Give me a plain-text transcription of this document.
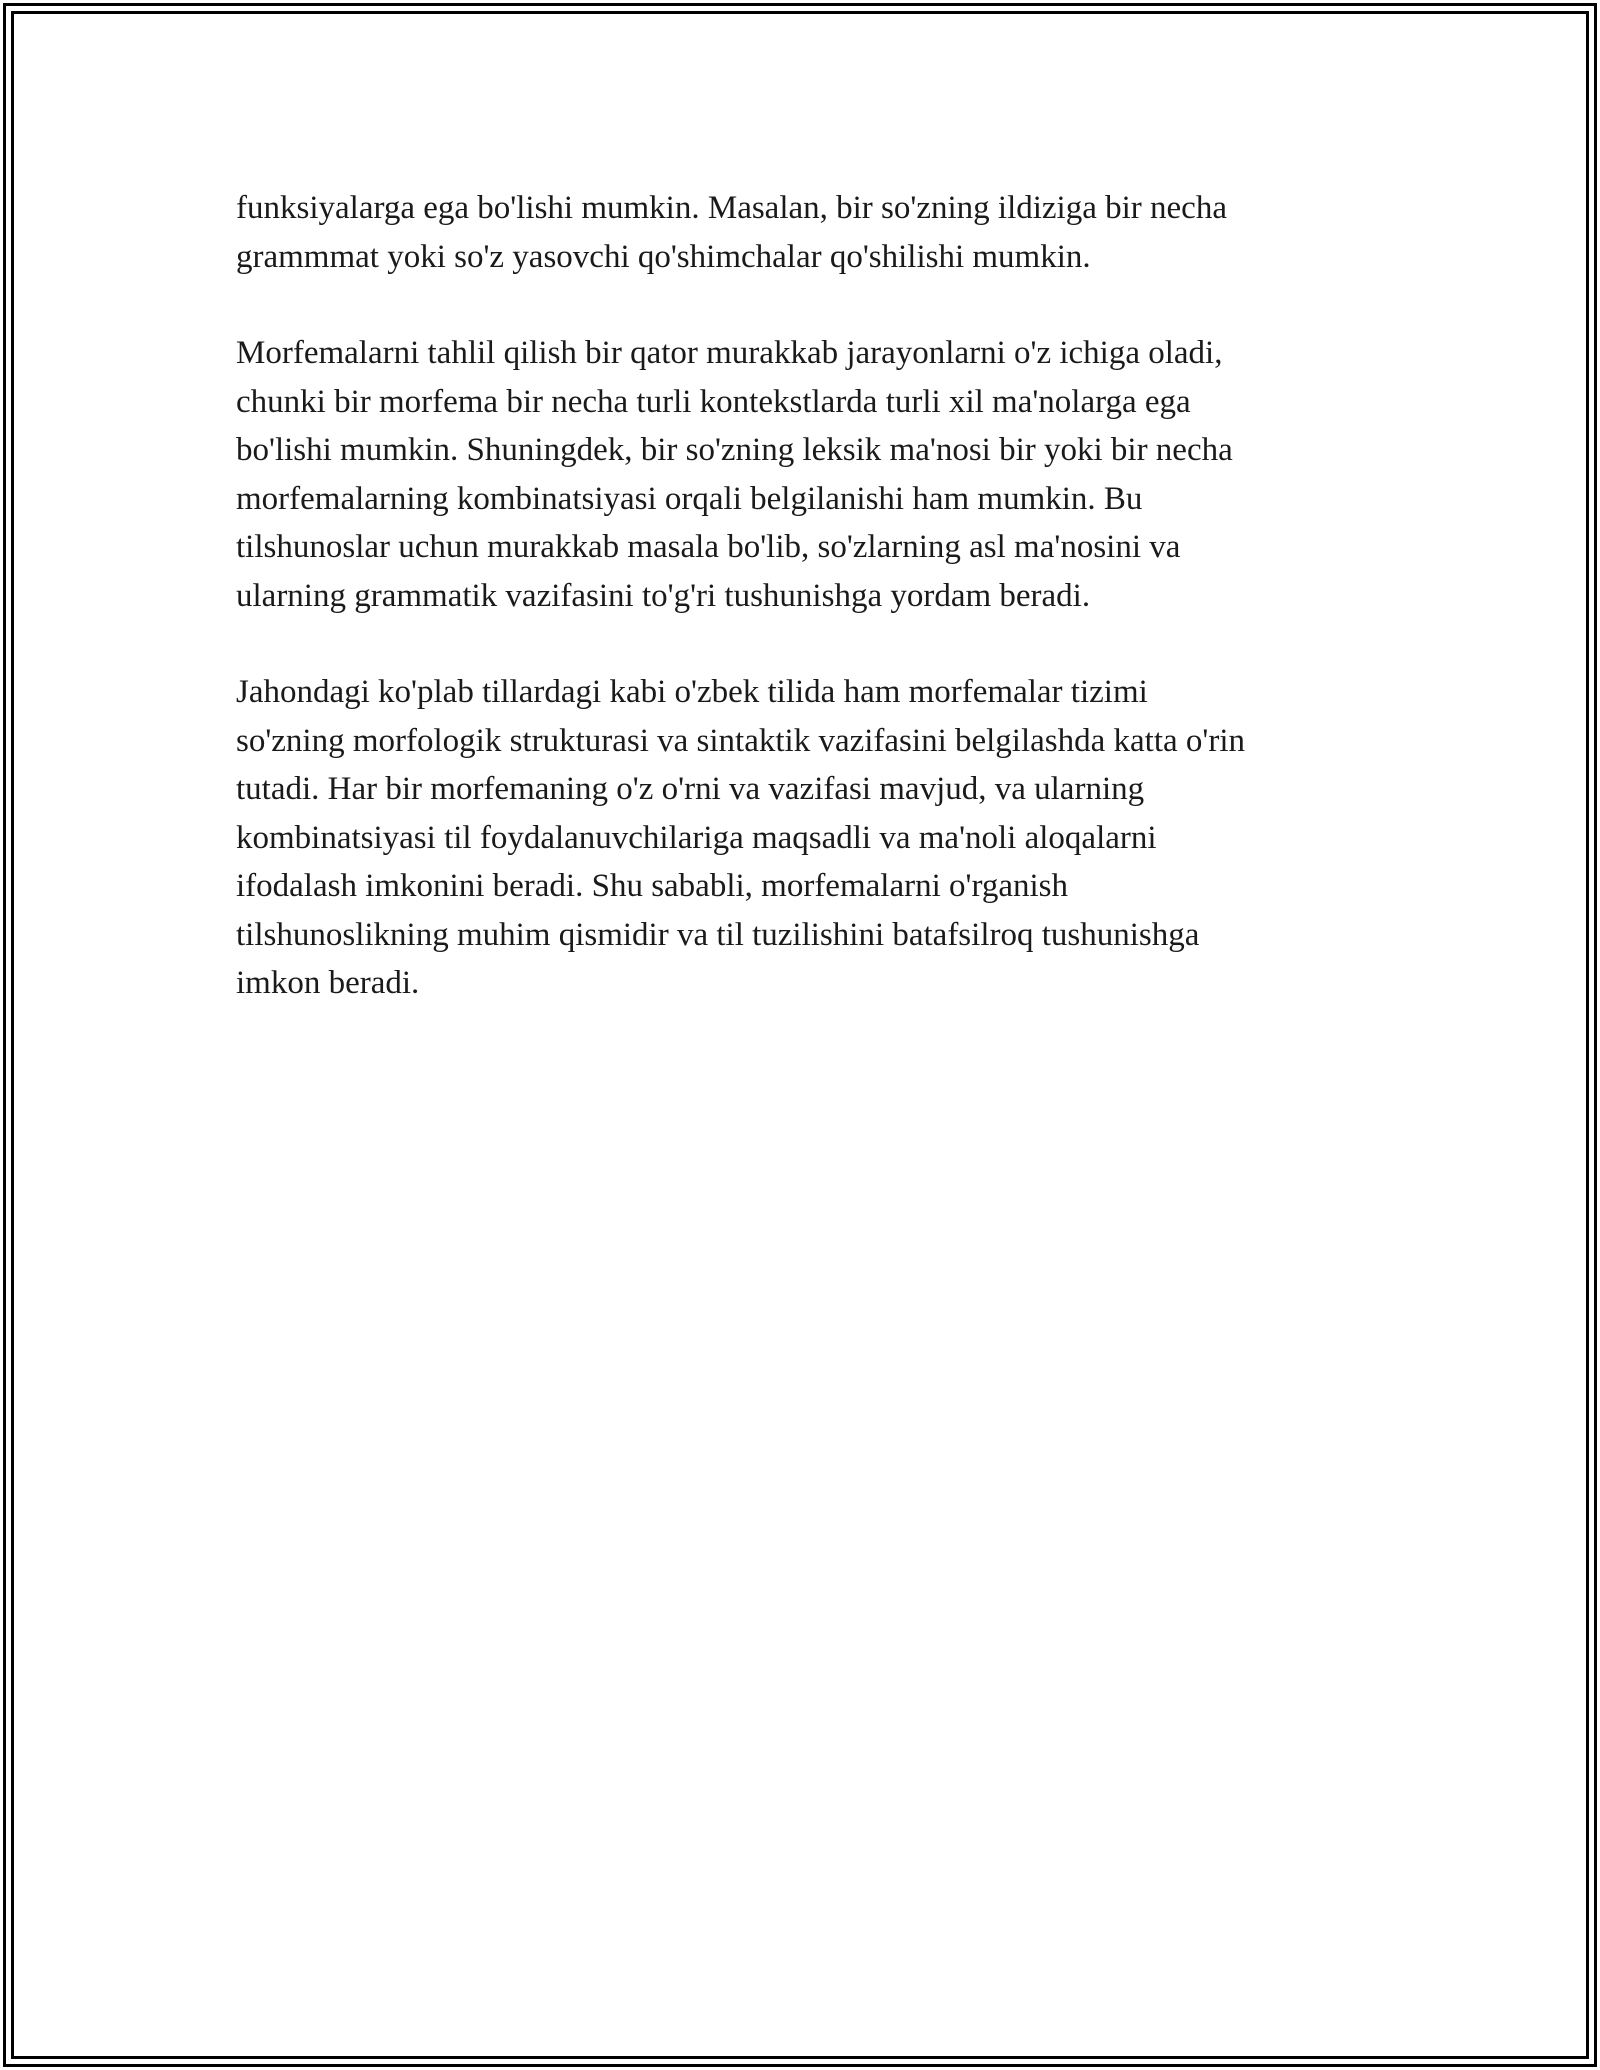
funksiyalarga ega bo'lishi mumkin. Masalan, bir so'zning ildiziga bir necha
grammmat yoki so'z yasovchi qo'shimchalar qo'shilishi mumkin.

Morfemalarni tahlil qilish bir qator murakkab jarayonlarni o'z ichiga oladi,
chunki bir morfema bir necha turli kontekstlarda turli xil ma'nolarga ega
bo'lishi mumkin. Shuningdek, bir so'zning leksik ma'nosi bir yoki bir necha
morfemalarning kombinatsiyasi orqali belgilanishi ham mumkin. Bu
tilshunoslar uchun murakkab masala bo'lib, so'zlarning asl ma'nosini va
ularning grammatik vazifasini to'g'ri tushunishga yordam beradi.

Jahondagi ko'plab tillardagi kabi o'zbek tilida ham morfemalar tizimi
so'zning morfologik strukturasi va sintaktik vazifasini belgilashda katta o'rin
tutadi. Har bir morfemaning o'z o'rni va vazifasi mavjud, va ularning
kombinatsiyasi til foydalanuvchilariga maqsadli va ma'noli aloqalarni
ifodalash imkonini beradi. Shu sababli, morfemalarni o'rganish
tilshunoslikning muhim qismidir va til tuzilishini batafsilroq tushunishga
imkon beradi.
